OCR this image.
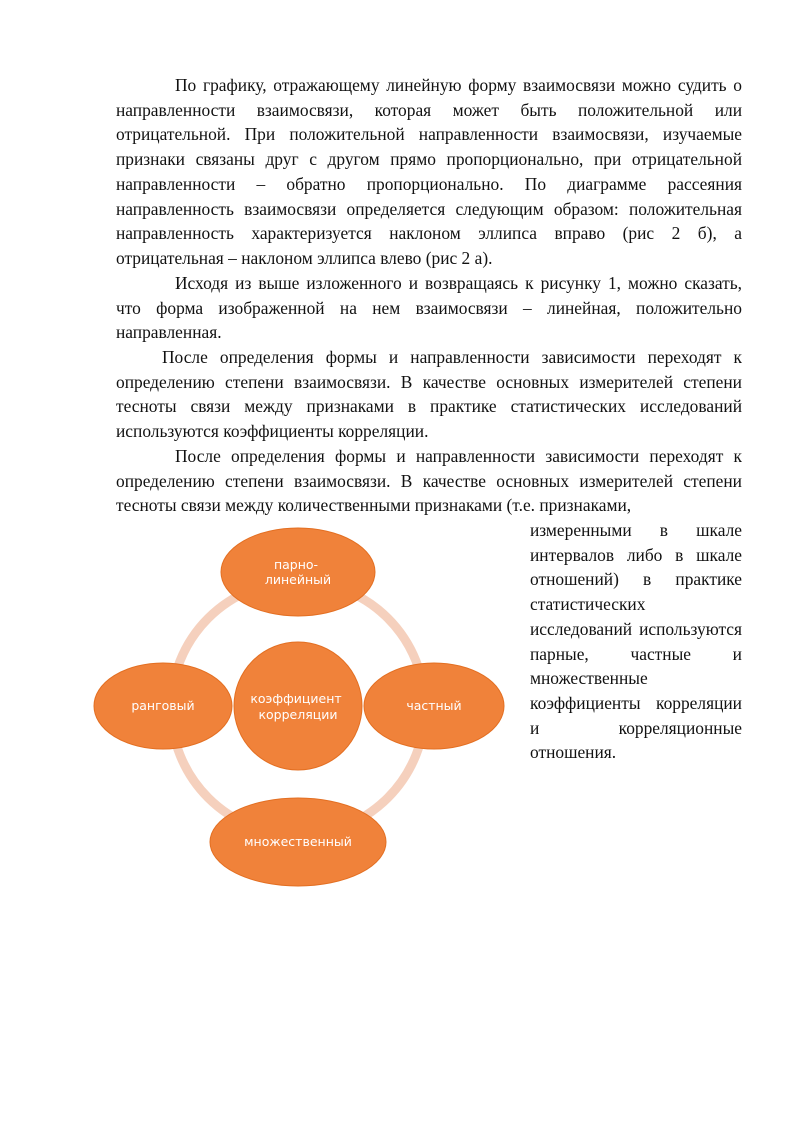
По графику, отражающему линейную форму взаимосвязи можно судить о направленности взаимосвязи, которая может быть положительной или отрицательной. При положительной направленности взаимосвязи, изучаемые признаки связаны друг с другом прямо пропорционально, при отрицательной направленности – обратно пропорционально. По диаграмме рассеяния направленность взаимосвязи определяется следующим образом: положительная направленность характеризуется наклоном эллипса вправо (рис 2 б), а отрицательная – наклоном эллипса влево (рис 2 а).

Исходя из выше изложенного и возвращаясь к рисунку 1, можно сказать, что форма изображенной на нем взаимосвязи – линейная, положительно направленная.

После определения формы и направленности зависимости переходят к определению степени взаимосвязи. В качестве основных измерителей степени тесноты связи между признаками в практике статистических исследований используются коэффициенты корреляции.

После определения формы и направленности зависимости переходят к определению степени взаимосвязи. В качестве основных измерителей степени тесноты связи между количественными признаками (т.е. признаками,

измеренными в шкале интервалов либо в шкале отношений) в практике статистических исследований используются парные, частные и множественные коэффициенты корреляции и корреляционные отношения.

парно- линейный
ранговый	частный
множественный
коэффициент корреляции
